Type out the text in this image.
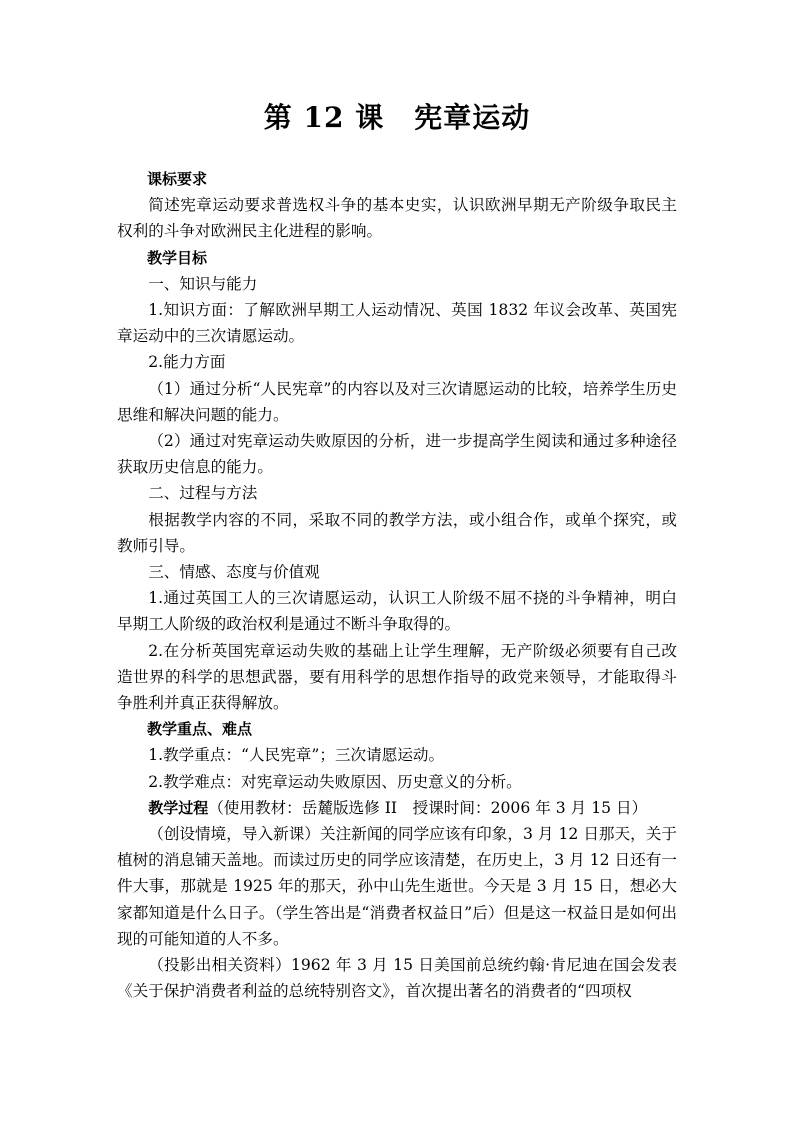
第 12 课 宪章运动

课标要求

简述宪章运动要求普选权斗争的基本史实，认识欧洲早期无产阶级争取民主权利的斗争对欧洲民主化进程的影响。

教学目标

一、知识与能力

1.知识方面：了解欧洲早期工人运动情况、英国 1832 年议会改革、英国宪章运动中的三次请愿运动。

2.能力方面

（1）通过分析“人民宪章”的内容以及对三次请愿运动的比较，培养学生历史思维和解决问题的能力。

（2）通过对宪章运动失败原因的分析，进一步提高学生阅读和通过多种途径获取历史信息的能力。

二、过程与方法

根据教学内容的不同，采取不同的教学方法，或小组合作，或单个探究，或教师引导。

三、情感、态度与价值观

1.通过英国工人的三次请愿运动，认识工人阶级不屈不挠的斗争精神，明白早期工人阶级的政治权利是通过不断斗争取得的。

2.在分析英国宪章运动失败的基础上让学生理解，无产阶级必须要有自己改造世界的科学的思想武器，要有用科学的思想作指导的政党来领导，才能取得斗争胜利并真正获得解放。

教学重点、难点

1.教学重点：“人民宪章”；三次请愿运动。

2.教学难点：对宪章运动失败原因、历史意义的分析。

教学过程（使用教材：岳麓版选修 II　授课时间：2006 年 3 月 15 日）

（创设情境，导入新课）关注新闻的同学应该有印象，3 月 12 日那天，关于植树的消息铺天盖地。而读过历史的同学应该清楚，在历史上，3 月 12 日还有一件大事，那就是 1925 年的那天，孙中山先生逝世。今天是 3 月 15 日，想必大家都知道是什么日子。（学生答出是“消费者权益日”后）但是这一权益日是如何出现的可能知道的人不多。

（投影出相关资料）1962 年 3 月 15 日美国前总统约翰·肯尼迪在国会发表《关于保护消费者利益的总统特别咨文》，首次提出著名的消费者的“四项权
